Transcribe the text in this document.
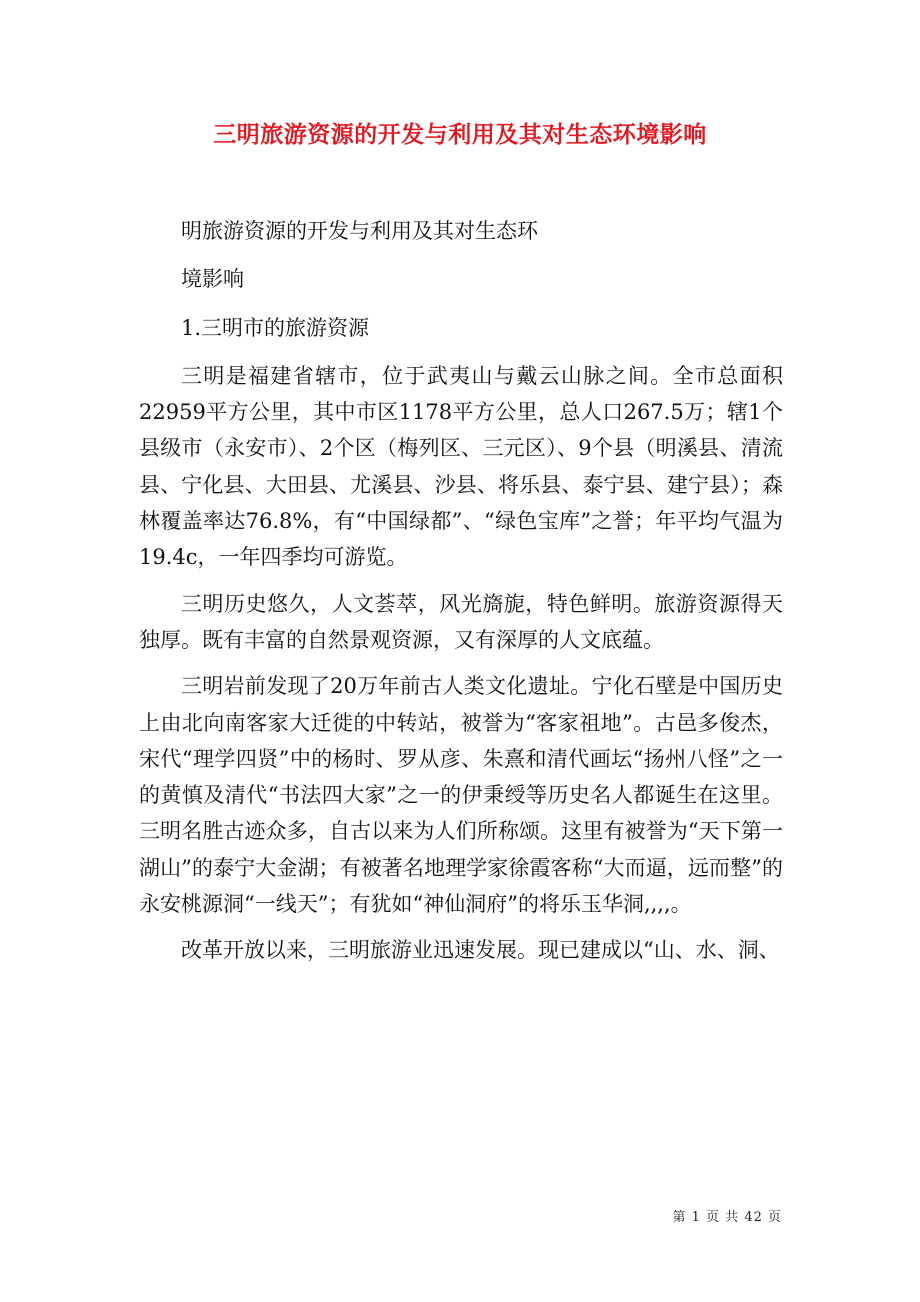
三明旅游资源的开发与利用及其对生态环境影响

明旅游资源的开发与利用及其对生态环

境影响

1.三明市的旅游资源

三明是福建省辖市，位于武夷山与戴云山脉之间。全市总面积22959平方公里，其中市区1178平方公里，总人口267.5万；辖1个县级市（永安市）、2个区（梅列区、三元区）、9个县（明溪县、清流县、宁化县、大田县、尤溪县、沙县、将乐县、泰宁县、建宁县）；森林覆盖率达76.8%，有“中国绿都”、“绿色宝库”之誉；年平均气温为19.4c，一年四季均可游览。

三明历史悠久，人文荟萃，风光旖旎，特色鲜明。旅游资源得天独厚。既有丰富的自然景观资源，又有深厚的人文底蕴。

三明岩前发现了20万年前古人类文化遗址。宁化石壁是中国历史上由北向南客家大迁徙的中转站，被誉为“客家祖地”。古邑多俊杰，宋代“理学四贤”中的杨时、罗从彦、朱熹和清代画坛“扬州八怪”之一的黄慎及清代“书法四大家”之一的伊秉绶等历史名人都诞生在这里。三明名胜古迹众多，自古以来为人们所称颂。这里有被誉为“天下第一湖山”的泰宁大金湖；有被著名地理学家徐霞客称“大而逼，远而整”的永安桃源洞“一线天”；有犹如“神仙洞府”的将乐玉华洞,,,,。

改革开放以来，三明旅游业迅速发展。现已建成以“山、水、洞、

第 1 页 共 42 页
